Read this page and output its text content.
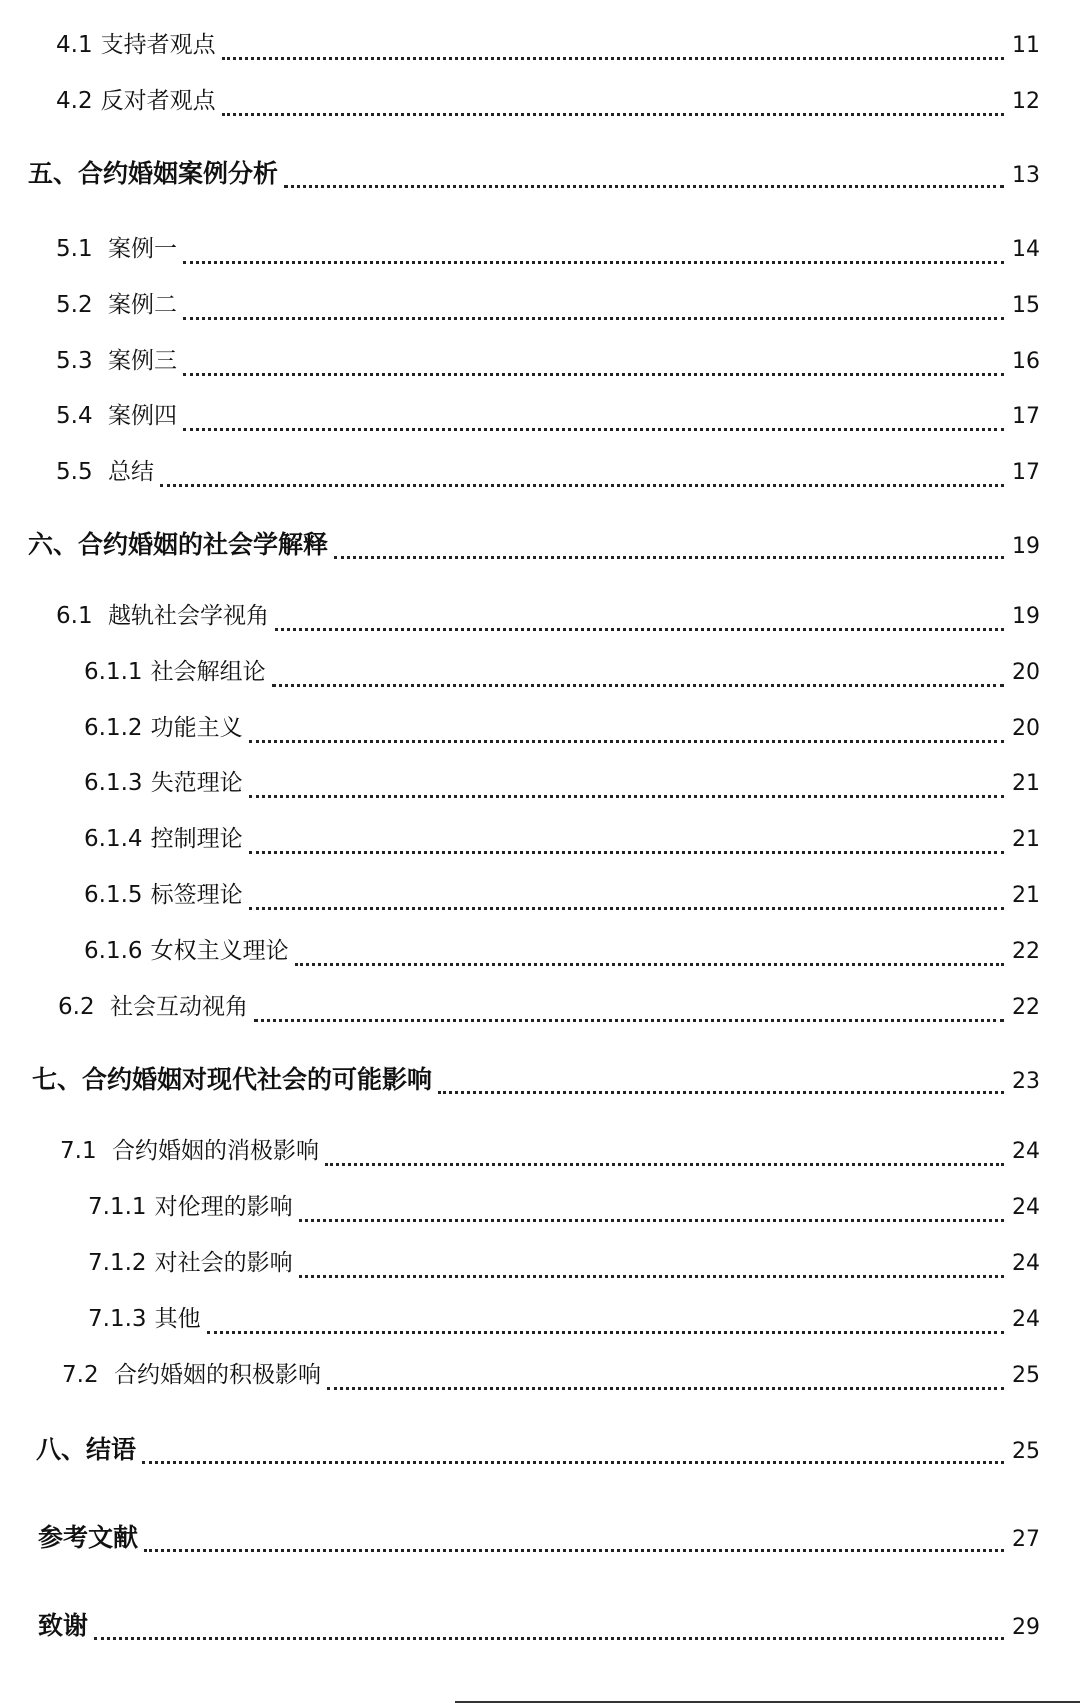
4.1 支持者观点	11
4.2 反对者观点	12
五、合约婚姻案例分析	13
5.1 案例一	14
5.2 案例二	15
5.3 案例三	16
5.4 案例四	17
5.5 总结	17
六、合约婚姻的社会学解释	19
6.1 越轨社会学视角	19
6.1.1 社会解组论	20
6.1.2 功能主义	20
6.1.3 失范理论	21
6.1.4 控制理论	21
6.1.5 标签理论	21
6.1.6 女权主义理论	22
6.2 社会互动视角	22
七、合约婚姻对现代社会的可能影响	23
7.1 合约婚姻的消极影响	24
7.1.1 对伦理的影响	24
7.1.2 对社会的影响	24
7.1.3 其他	24
7.2 合约婚姻的积极影响	25
八、结语	25
参考文献	27
致谢	29
